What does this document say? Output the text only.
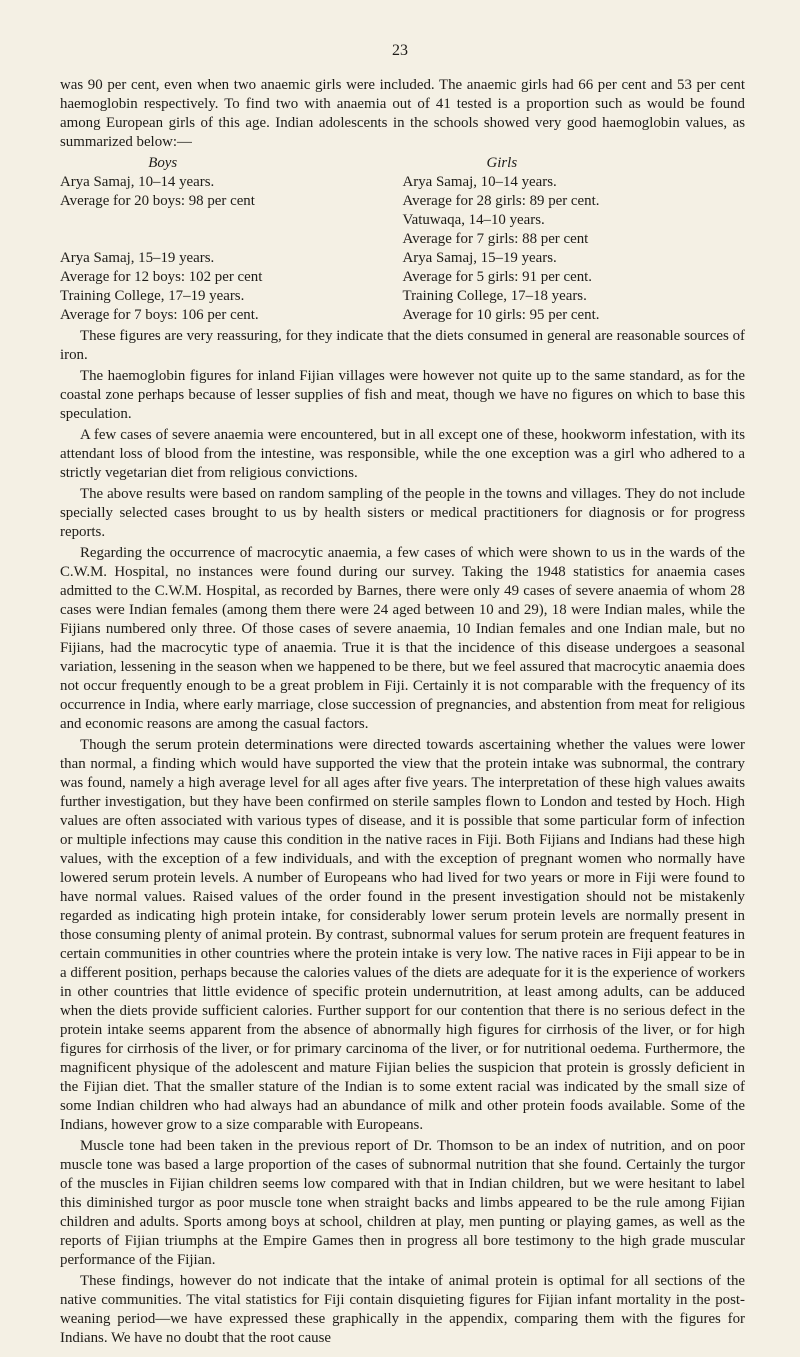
23

was 90 per cent, even when two anaemic girls were included. The anaemic girls had 66 per cent and 53 per cent haemoglobin respectively. To find two with anaemia out of 41 tested is a proportion such as would be found among European girls of this age. Indian adolescents in the schools showed very good haemoglobin values, as summarized below:—

Boys
Arya Samaj, 10–14 years.
Average for 20 boys: 98 per cent
Arya Samaj, 15–19 years.
Average for 12 boys: 102 per cent
Training College, 17–19 years.
Average for 7 boys: 106 per cent.
Girls
Arya Samaj, 10–14 years.
Average for 28 girls: 89 per cent.
Vatuwaqa, 14–10 years.
Average for 7 girls: 88 per cent
Arya Samaj, 15–19 years.
Average for 5 girls: 91 per cent.
Training College, 17–18 years.
Average for 10 girls: 95 per cent.

These figures are very reassuring, for they indicate that the diets consumed in general are reasonable sources of iron.

The haemoglobin figures for inland Fijian villages were however not quite up to the same standard, as for the coastal zone perhaps because of lesser supplies of fish and meat, though we have no figures on which to base this speculation.

A few cases of severe anaemia were encountered, but in all except one of these, hookworm infestation, with its attendant loss of blood from the intestine, was responsible, while the one exception was a girl who adhered to a strictly vegetarian diet from religious convictions.

The above results were based on random sampling of the people in the towns and villages. They do not include specially selected cases brought to us by health sisters or medical practitioners for diagnosis or for progress reports.

Regarding the occurrence of macrocytic anaemia, a few cases of which were shown to us in the wards of the C.W.M. Hospital, no instances were found during our survey. Taking the 1948 statistics for anaemia cases admitted to the C.W.M. Hospital, as recorded by Barnes, there were only 49 cases of severe anaemia of whom 28 cases were Indian females (among them there were 24 aged between 10 and 29), 18 were Indian males, while the Fijians numbered only three. Of those cases of severe anaemia, 10 Indian females and one Indian male, but no Fijians, had the macrocytic type of anaemia. True it is that the incidence of this disease undergoes a seasonal variation, lessening in the season when we happened to be there, but we feel assured that macrocytic anaemia does not occur frequently enough to be a great problem in Fiji. Certainly it is not comparable with the frequency of its occurrence in India, where early marriage, close succession of pregnancies, and abstention from meat for religious and economic reasons are among the casual factors.

Though the serum protein determinations were directed towards ascertaining whether the values were lower than normal, a finding which would have supported the view that the protein intake was subnormal, the contrary was found, namely a high average level for all ages after five years. The interpretation of these high values awaits further investigation, but they have been confirmed on sterile samples flown to London and tested by Hoch. High values are often associated with various types of disease, and it is possible that some particular form of infection or multiple infections may cause this condition in the native races in Fiji. Both Fijians and Indians had these high values, with the exception of a few individuals, and with the exception of pregnant women who normally have lowered serum protein levels. A number of Europeans who had lived for two years or more in Fiji were found to have normal values. Raised values of the order found in the present investigation should not be mistakenly regarded as indicating high protein intake, for considerably lower serum protein levels are normally present in those consuming plenty of animal protein. By contrast, subnormal values for serum protein are frequent features in certain communities in other countries where the protein intake is very low. The native races in Fiji appear to be in a different position, perhaps because the calories values of the diets are adequate for it is the experience of workers in other countries that little evidence of specific protein undernutrition, at least among adults, can be adduced when the diets provide sufficient calories. Further support for our contention that there is no serious defect in the protein intake seems apparent from the absence of abnormally high figures for cirrhosis of the liver, or for high figures for cirrhosis of the liver, or for primary carcinoma of the liver, or for nutritional oedema. Furthermore, the magnificent physique of the adolescent and mature Fijian belies the suspicion that protein is grossly deficient in the Fijian diet. That the smaller stature of the Indian is to some extent racial was indicated by the small size of some Indian children who had always had an abundance of milk and other protein foods available. Some of the Indians, however grow to a size comparable with Europeans.

Muscle tone had been taken in the previous report of Dr. Thomson to be an index of nutrition, and on poor muscle tone was based a large proportion of the cases of subnormal nutrition that she found. Certainly the turgor of the muscles in Fijian children seems low compared with that in Indian children, but we were hesitant to label this diminished turgor as poor muscle tone when straight backs and limbs appeared to be the rule among Fijian children and adults. Sports among boys at school, children at play, men punting or playing games, as well as the reports of Fijian triumphs at the Empire Games then in progress all bore testimony to the high grade muscular performance of the Fijian.

These findings, however do not indicate that the intake of animal protein is optimal for all sections of the native communities. The vital statistics for Fiji contain disquieting figures for Fijian infant mortality in the post-weaning period—we have expressed these graphically in the appendix, comparing them with the figures for Indians. We have no doubt that the root cause
